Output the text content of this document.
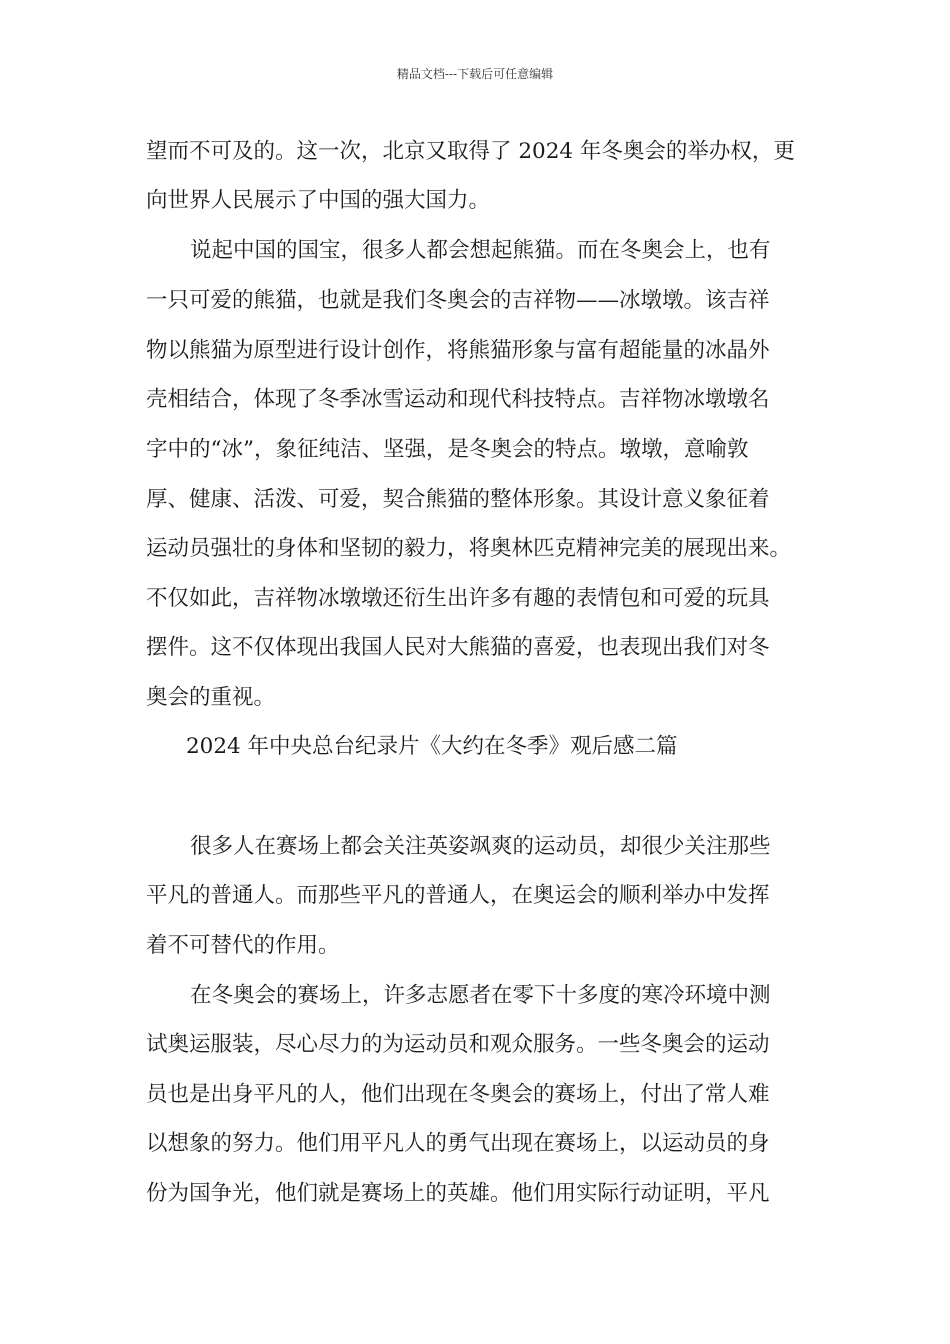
精品文档---下载后可任意编辑
望而不可及的。这一次，北京又取得了 2024 年冬奥会的举办权，更
向世界人民展示了中国的强大国力。
说起中国的国宝，很多人都会想起熊猫。而在冬奥会上，也有
一只可爱的熊猫，也就是我们冬奥会的吉祥物——冰墩墩。该吉祥
物以熊猫为原型进行设计创作，将熊猫形象与富有超能量的冰晶外
壳相结合，体现了冬季冰雪运动和现代科技特点。吉祥物冰墩墩名
字中的“冰”，象征纯洁、坚强，是冬奥会的特点。墩墩，意喻敦
厚、健康、活泼、可爱，契合熊猫的整体形象。其设计意义象征着
运动员强壮的身体和坚韧的毅力，将奥林匹克精神完美的展现出来。
不仅如此，吉祥物冰墩墩还衍生出许多有趣的表情包和可爱的玩具
摆件。这不仅体现出我国人民对大熊猫的喜爱，也表现出我们对冬
奥会的重视。
2024 年中央总台纪录片《大约在冬季》观后感二篇
很多人在赛场上都会关注英姿飒爽的运动员，却很少关注那些
平凡的普通人。而那些平凡的普通人，在奥运会的顺利举办中发挥
着不可替代的作用。
在冬奥会的赛场上，许多志愿者在零下十多度的寒冷环境中测
试奥运服装，尽心尽力的为运动员和观众服务。一些冬奥会的运动
员也是出身平凡的人，他们出现在冬奥会的赛场上，付出了常人难
以想象的努力。他们用平凡人的勇气出现在赛场上，以运动员的身
份为国争光，他们就是赛场上的英雄。他们用实际行动证明，平凡
